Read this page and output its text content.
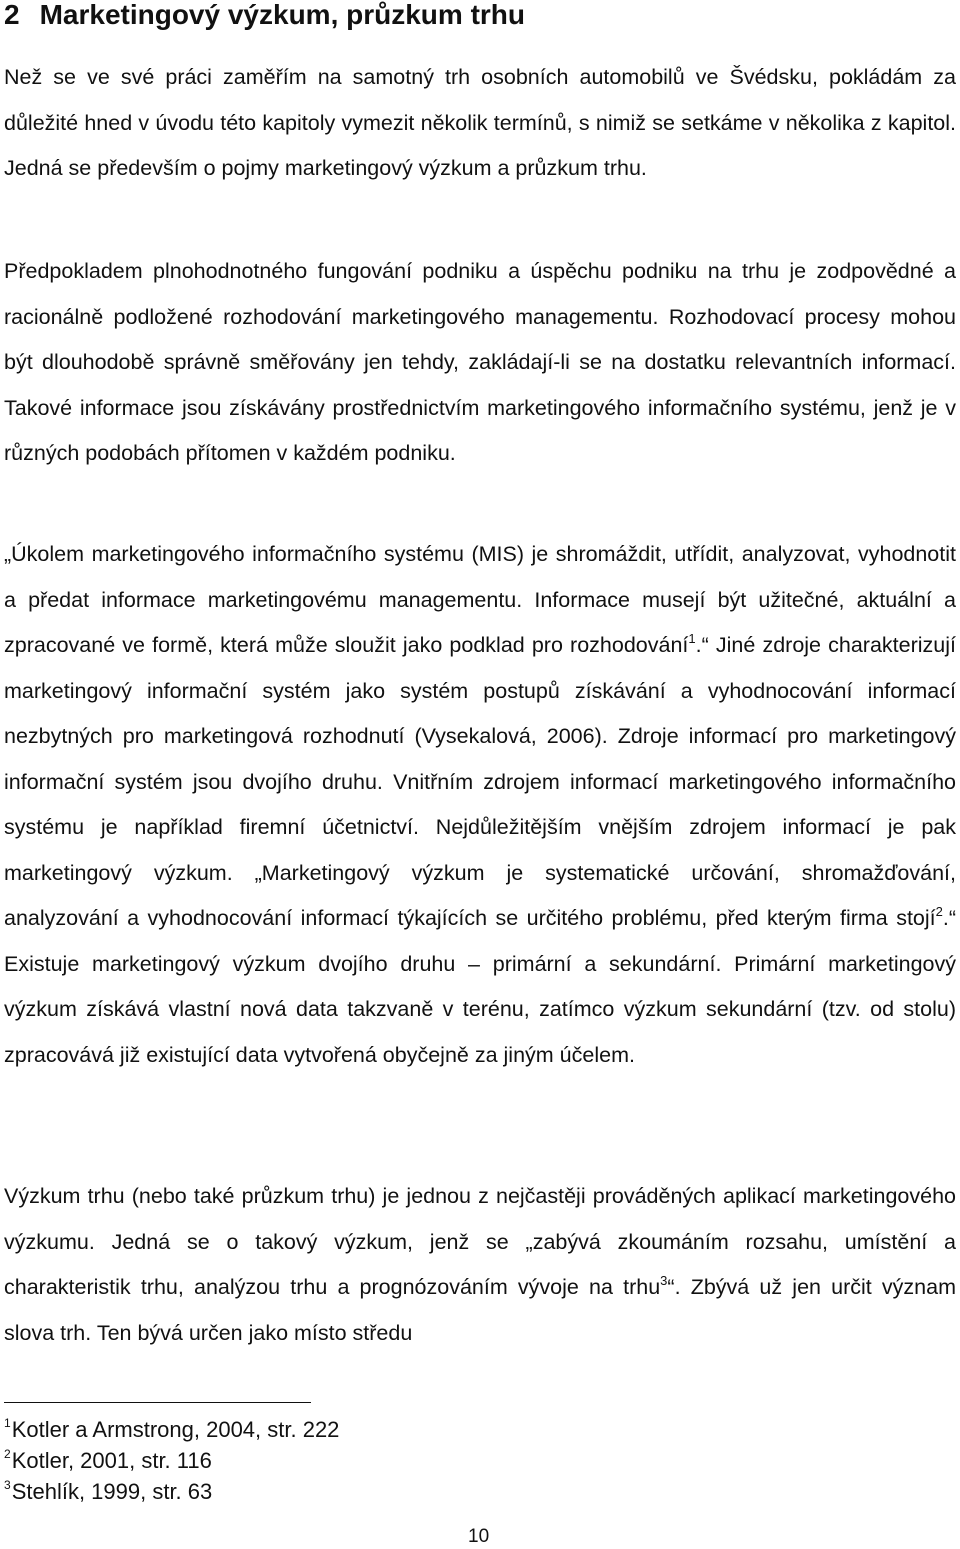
2 Marketingový výzkum, průzkum trhu

Než se ve své práci zaměřím na samotný trh osobních automobilů ve Švédsku, pokládám za důležité hned v úvodu této kapitoly vymezit několik termínů, s nimiž se setkáme v několika z kapitol. Jedná se především o pojmy marketingový výzkum a průzkum trhu.

Předpokladem plnohodnotného fungování podniku a úspěchu podniku na trhu je zodpovědné a racionálně podložené rozhodování marketingového managementu. Rozhodovací procesy mohou být dlouhodobě správně směřovány jen tehdy, zakládají-li se na dostatku relevantních informací. Takové informace jsou získávány prostřednictvím marketingového informačního systému, jenž je v různých podobách přítomen v každém podniku.

„Úkolem marketingového informačního systému (MIS) je shromáždit, utřídit, analyzovat, vyhodnotit a předat informace marketingovému managementu. Informace musejí být užitečné, aktuální a zpracované ve formě, která může sloužit jako podklad pro rozhodování$^1$.“ Jiné zdroje charakterizují marketingový informační systém jako systém postupů získávání a vyhodnocování informací nezbytných pro marketingová rozhodnutí (Vysekalová, 2006). Zdroje informací pro marketingový informační systém jsou dvojího druhu. Vnitřním zdrojem informací marketingového informačního systému je například firemní účetnictví. Nejdůležitějším vnějším zdrojem informací je pak marketingový výzkum. „Marketingový výzkum je systematické určování, shromažďování, analyzování a vyhodnocování informací týkajících se určitého problému, před kterým firma stojí$^2$.“ Existuje marketingový výzkum dvojího druhu – primární a sekundární. Primární marketingový výzkum získává vlastní nová data takzvaně v terénu, zatímco výzkum sekundární (tzv. od stolu) zpracovává již existující data vytvořená obyčejně za jiným účelem.

Výzkum trhu (nebo také průzkum trhu) je jednou z nejčastěji prováděných aplikací marketingového výzkumu. Jedná se o takový výzkum, jenž se „zabývá zkoumáním rozsahu, umístění a charakteristik trhu, analýzou trhu a prognózováním vývoje na trhu$^3$“. Zbývá už jen určit význam slova trh. Ten bývá určen jako místo středu

$^1$Kotler a Armstrong, 2004, str. 222
$^2$Kotler, 2001, str. 116
$^3$Stehlík, 1999, str. 63
10
